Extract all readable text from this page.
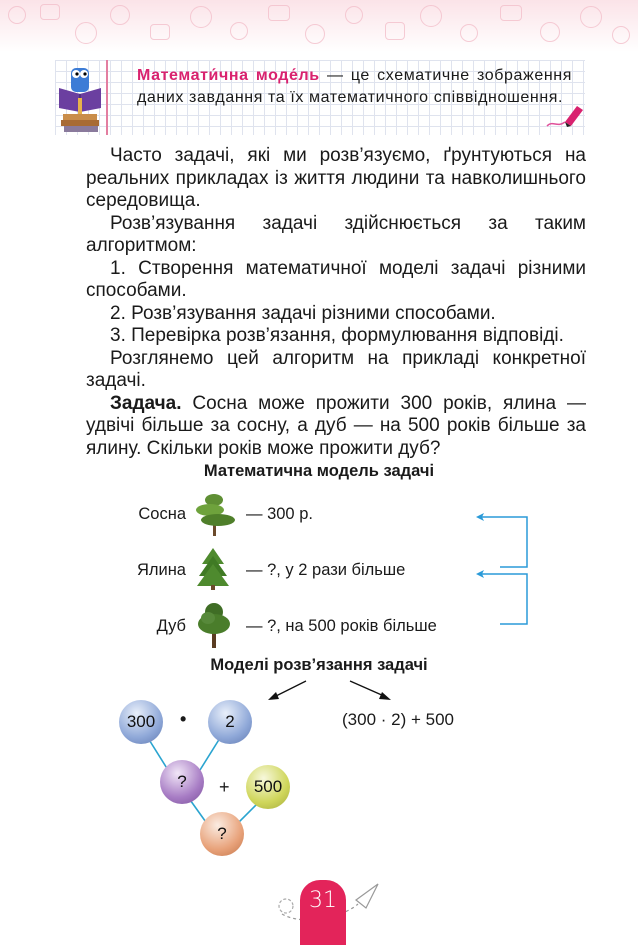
Математи́чна моде́ль — це схематичне зображення даних завдання та їх математичного співвідношення.

Часто задачі, які ми розв’язуємо, ґрунтуються на реальних прикладах із життя людини та навколишнього середовища.

Розв’язування задачі здійснюється за таким алгоритмом:

1. Створення математичної моделі задачі різними способами.

2. Розв’язування задачі різними способами.

3. Перевірка розв’язання, формулювання відповіді.

Розглянемо цей алгоритм на прикладі конкретної задачі.

Задача. Сосна може прожити 300 років, ялина — удвічі більше за сосну, а дуб — на 500 років більше за ялину. Скільки років може прожити дуб?

Математична модель задачі
Сосна	— 300 р.
Ялина	— ?, у 2 рази більше
Дуб	— ?, на 500 років більше
Моделі розв’язання задачі
300	•	2
?	+	500
?
(300 · 2) + 500
31
